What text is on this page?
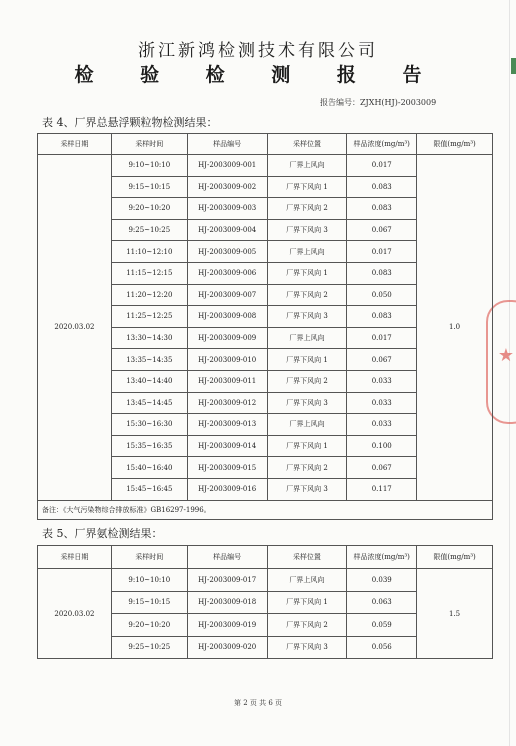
★
浙江新鸿检测技术有限公司
检 验 检 测 报 告
报告编号：ZJXH(HJ)-2003009
表 4、厂界总悬浮颗粒物检测结果：
采样日期	采样时间	样品编号	采样位置	样品浓度(mg/m³)	限值(mg/m³)
2020.03.02	9:10~10:10	HJ-2003009-001	厂界上风向	0.017	1.0
	9:15~10:15	HJ-2003009-002	厂界下风向 1	0.083	
	9:20~10:20	HJ-2003009-003	厂界下风向 2	0.083	
	9:25~10:25	HJ-2003009-004	厂界下风向 3	0.067	
	11:10~12:10	HJ-2003009-005	厂界上风向	0.017	
	11:15~12:15	HJ-2003009-006	厂界下风向 1	0.083	
	11:20~12:20	HJ-2003009-007	厂界下风向 2	0.050	
	11:25~12:25	HJ-2003009-008	厂界下风向 3	0.083	
	13:30~14:30	HJ-2003009-009	厂界上风向	0.017	
	13:35~14:35	HJ-2003009-010	厂界下风向 1	0.067	
	13:40~14:40	HJ-2003009-011	厂界下风向 2	0.033	
	13:45~14:45	HJ-2003009-012	厂界下风向 3	0.033	
	15:30~16:30	HJ-2003009-013	厂界上风向	0.033	
	15:35~16:35	HJ-2003009-014	厂界下风向 1	0.100	
	15:40~16:40	HJ-2003009-015	厂界下风向 2	0.067	
	15:45~16:45	HJ-2003009-016	厂界下风向 3	0.117	
备注：《大气污染物综合排放标准》GB16297-1996。					
表 5、厂界氨检测结果：
采样日期	采样时间	样品编号	采样位置	样品浓度(mg/m³)	限值(mg/m³)
2020.03.02	9:10~10:10	HJ-2003009-017	厂界上风向	0.039	1.5
	9:15~10:15	HJ-2003009-018	厂界下风向 1	0.063	
	9:20~10:20	HJ-2003009-019	厂界下风向 2	0.059	
	9:25~10:25	HJ-2003009-020	厂界下风向 3	0.056	
第 2 页 共 6 页
